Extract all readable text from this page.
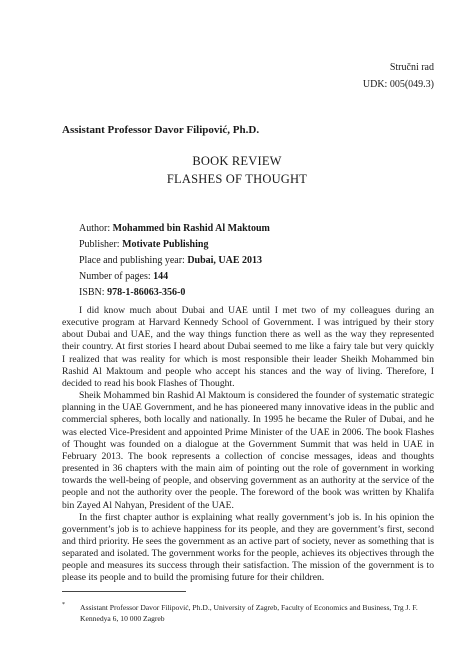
Stručni rad

UDK: 005(049.3)

Assistant Professor Davor Filipović, Ph.D.

BOOK REVIEW

FLASHES OF THOUGHT

Author: Mohammed bin Rashid Al Maktoum
Publisher: Motivate Publishing
Place and publishing year: Dubai, UAE 2013
Number of pages: 144
ISBN: 978-1-86063-356-0

I did know much about Dubai and UAE until I met two of my colleagues during an executive program at Harvard Kennedy School of Government. I was intrigued by their story about Dubai and UAE, and the way things function there as well as the way they represented their country. At first stories I heard about Dubai seemed to me like a fairy tale but very quickly I realized that was reality for which is most responsible their leader Sheikh Mohammed bin Rashid Al Maktoum and people who accept his stances and the way of living. Therefore, I decided to read his book Flashes of Thought.

Sheik Mohammed bin Rashid Al Maktoum is considered the founder of systematic strategic planning in the UAE Government, and he has pioneered many innovative ideas in the public and commercial spheres, both locally and nationally. In 1995 he became the Ruler of Dubai, and he was elected Vice-President and appointed Prime Minister of the UAE in 2006. The book Flashes of Thought was founded on a dialogue at the Government Summit that was held in UAE in February 2013. The book represents a collection of concise messages, ideas and thoughts presented in 36 chapters with the main aim of pointing out the role of government in working towards the well-being of people, and observing government as an authority at the service of the people and not the authority over the people. The foreword of the book was written by Khalifa bin Zayed Al Nahyan, President of the UAE.

In the first chapter author is explaining what really government’s job is. In his opinion the government’s job is to achieve happiness for its people, and they are government’s first, second and third priority. He sees the government as an active part of society, never as something that is separated and isolated. The government works for the people, achieves its objectives through the people and measures its success through their satisfaction. The mission of the government is to please its people and to build the promising future for their children.

*	Assistant Professor Davor Filipović, Ph.D., University of Zagreb, Faculty of Economics and Business, Trg J. F. Kennedya 6, 10 000 Zagreb
